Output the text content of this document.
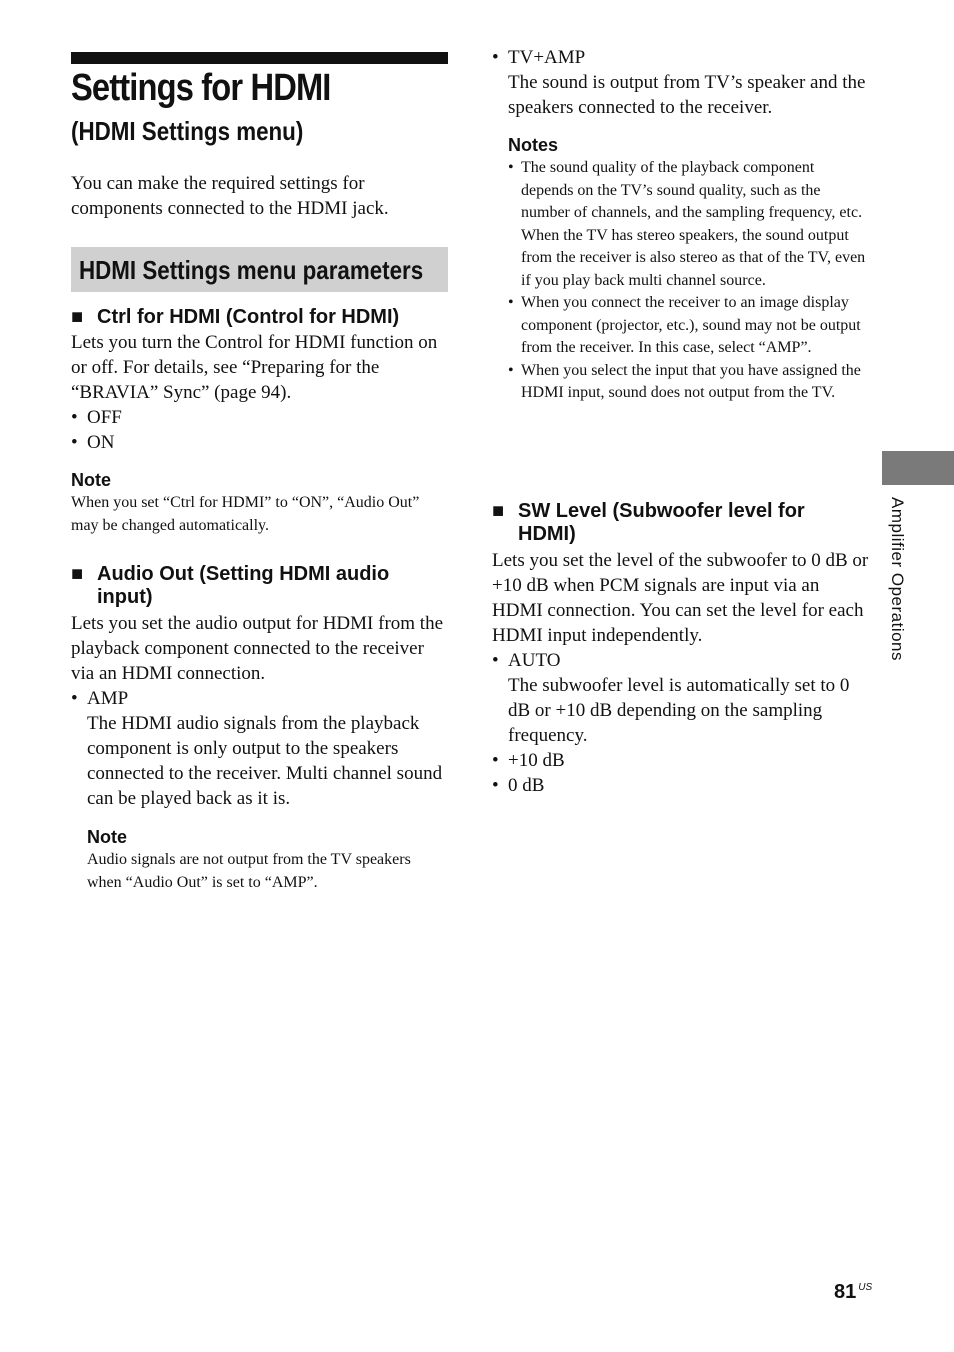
Settings for HDMI
(HDMI Settings menu)

You can make the required settings for components connected to the HDMI jack.

HDMI Settings menu parameters

■ Ctrl for HDMI (Control for HDMI)

Lets you turn the Control for HDMI function on or off. For details, see “Preparing for the “BRAVIA” Sync” (page 94).

• OFF
• ON

Note

When you set “Ctrl for HDMI” to “ON”, “Audio Out” may be changed automatically.

■ Audio Out (Setting HDMI audio input)

Lets you set the audio output for HDMI from the playback component connected to the receiver via an HDMI connection.

• AMP
The HDMI audio signals from the playback component is only output to the speakers connected to the receiver. Multi channel sound can be played back as it is.

Note

Audio signals are not output from the TV speakers when “Audio Out” is set to “AMP”.

• TV+AMP
The sound is output from TV’s speaker and the speakers connected to the receiver.

Notes

• The sound quality of the playback component depends on the TV’s sound quality, such as the number of channels, and the sampling frequency, etc. When the TV has stereo speakers, the sound output from the receiver is also stereo as that of the TV, even if you play back multi channel source.
• When you connect the receiver to an image display component (projector, etc.), sound may not be output from the receiver. In this case, select “AMP”.
• When you select the input that you have assigned the HDMI input, sound does not output from the TV.
■ SW Level (Subwoofer level for HDMI)

Lets you set the level of the subwoofer to 0 dB or +10 dB when PCM signals are input via an HDMI connection. You can set the level for each HDMI input independently.

• AUTO
The subwoofer level is automatically set to 0 dB or +10 dB depending on the sampling frequency.
• +10 dB
• 0 dB
Amplifier Operations
81 $^{US}$
